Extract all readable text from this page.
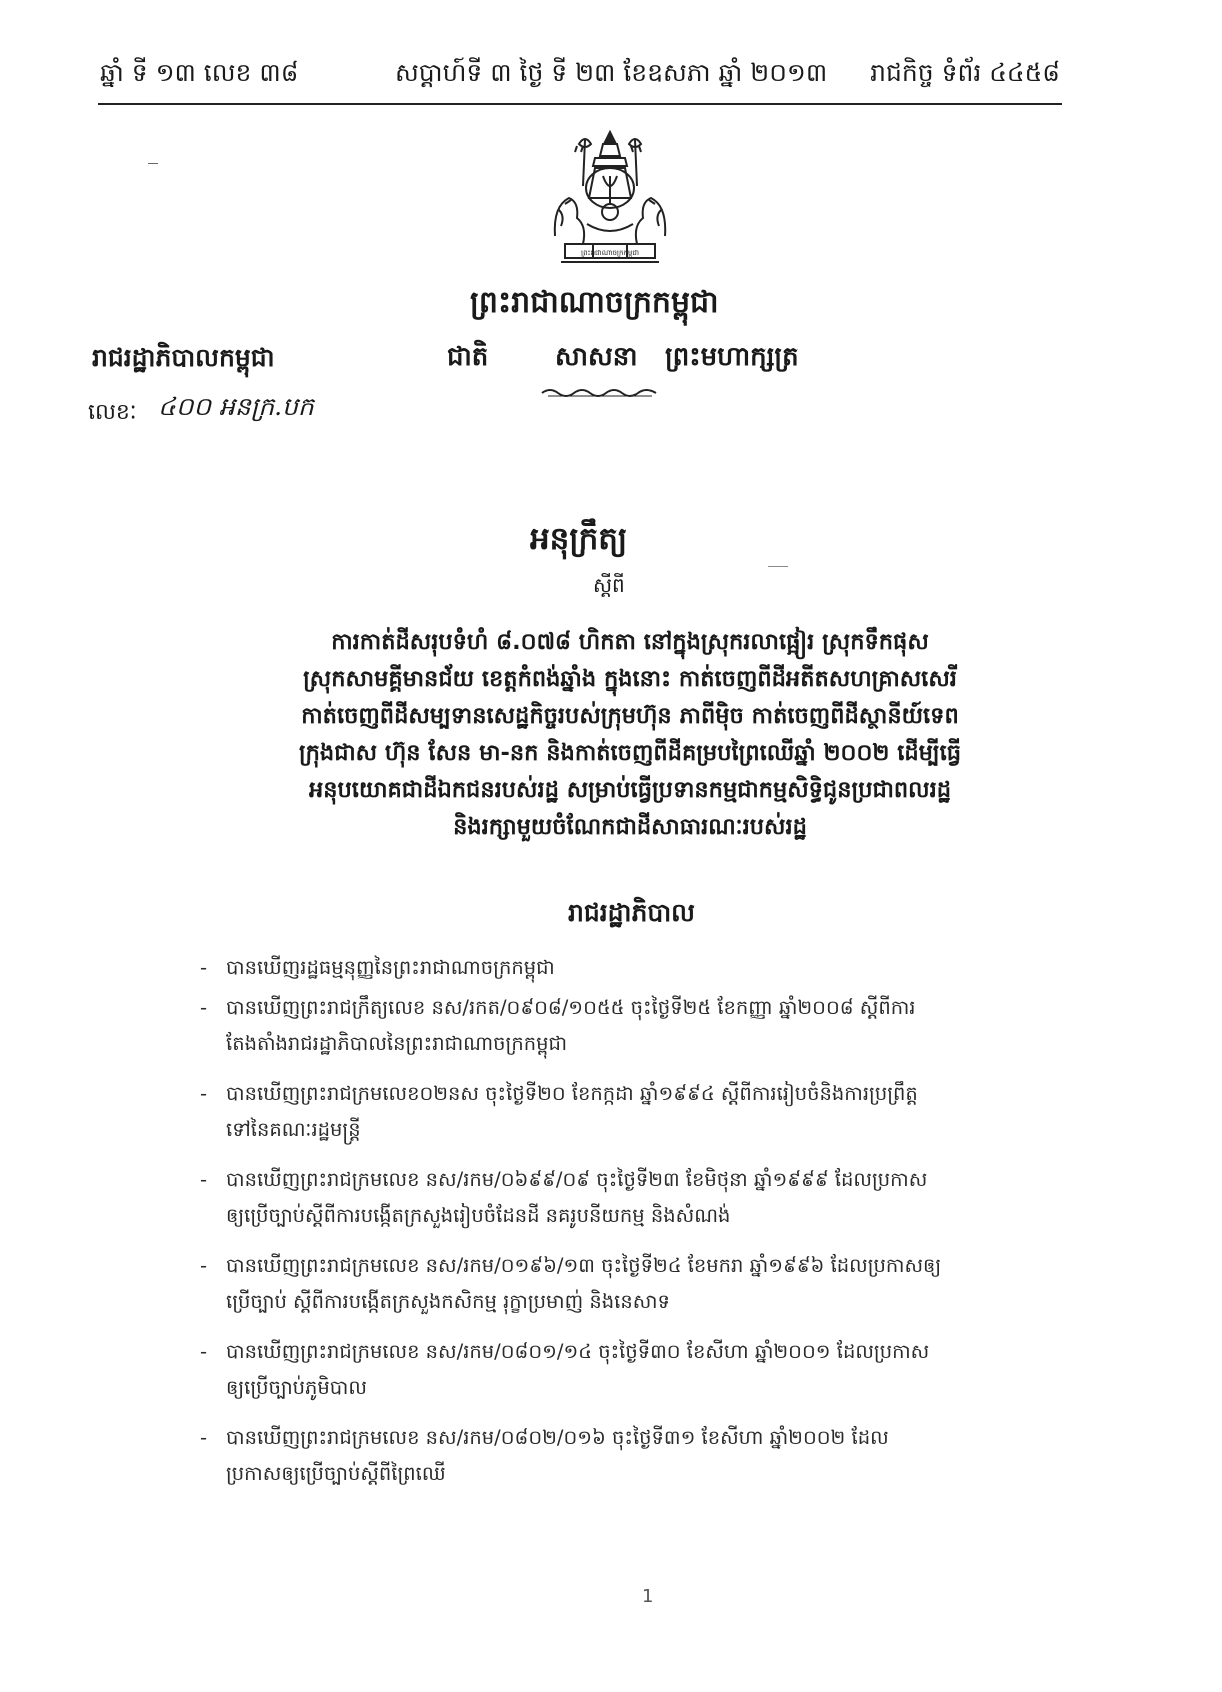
ឆ្នាំ ទី ១៣ លេខ ៣៨	សប្តាហ៍ទី ៣ ថ្ងៃ ទី ២៣ ខែឧសភា ឆ្នាំ ២០១៣ រាជកិច្ច ទំព័រ ៤៤៥៨
ព្រះរាជាណាចក្រកម្ពុជា
ព្រះរាជាណាចក្រកម្ពុជា
ជាតិ	សាសនា ព្រះមហាក្សត្រ
រាជរដ្ឋាភិបាលកម្ពុជា
លេខៈ ៤០០ អនក្រ.បក
អនុក្រឹត្យ
ស្តីពី
ការកាត់ដីសរុបទំហំ ៨.០៧៨ ហិកតា នៅក្នុងស្រុករលាផ្អៀរ ស្រុកទឹកផុស
ស្រុកសាមគ្គីមានជ័យ ខេត្តកំពង់ឆ្នាំង ក្នុងនោះ កាត់ចេញពីដីអតីតសហគ្រាសសេរី
កាត់ចេញពីដីសម្បទានសេដ្ឋកិច្ចរបស់ក្រុមហ៊ុន ភាពីម៉ិច កាត់ចេញពីដីស្ថានីយ៍ទេព
ក្រុងជាស ហ៊ុន សែន មា-នក និងកាត់ចេញពីដីគម្របព្រៃឈើឆ្នាំ ២០០២ ដើម្បីធ្វើ
អនុបយោគជាដីឯកជនរបស់រដ្ឋ សម្រាប់ធ្វើប្រទានកម្មជាកម្មសិទ្ធិជូនប្រជាពលរដ្ឋ
និងរក្សាមួយចំណែកជាដីសាធារណៈរបស់រដ្ឋ
រាជរដ្ឋាភិបាល
- បានឃើញរដ្ឋធម្មនុញ្ញនៃព្រះរាជាណាចក្រកម្ពុជា
- បានឃើញព្រះរាជក្រឹត្យលេខ នស/រកត/០៩០៨/១០៥៥ ចុះថ្ងៃទី២៥ ខែកញ្ញា ឆ្នាំ២០០៨ ស្តីពីការ
តែងតាំងរាជរដ្ឋាភិបាលនៃព្រះរាជាណាចក្រកម្ពុជា
- បានឃើញព្រះរាជក្រមលេខ០២នស ចុះថ្ងៃទី២០ ខែកក្កដា ឆ្នាំ១៩៩៤ ស្តីពីការរៀបចំនិងការប្រព្រឹត្ត
ទៅនៃគណៈរដ្ឋមន្ត្រី
- បានឃើញព្រះរាជក្រមលេខ នស/រកម/០៦៩៩/០៩ ចុះថ្ងៃទី២៣ ខែមិថុនា ឆ្នាំ១៩៩៩ ដែលប្រកាស
ឲ្យប្រើច្បាប់ស្តីពីការបង្កើតក្រសួងរៀបចំដែនដី នគរូបនីយកម្ម និងសំណង់
- បានឃើញព្រះរាជក្រមលេខ នស/រកម/០១៩៦/១៣ ចុះថ្ងៃទី២៤ ខែមករា ឆ្នាំ១៩៩៦ ដែលប្រកាសឲ្យ
ប្រើច្បាប់ ស្តីពីការបង្កើតក្រសួងកសិកម្ម រុក្ខាប្រមាញ់ និងនេសាទ
- បានឃើញព្រះរាជក្រមលេខ នស/រកម/០៨០១/១៤ ចុះថ្ងៃទី៣០ ខែសីហា ឆ្នាំ២០០១ ដែលប្រកាស
ឲ្យប្រើច្បាប់ភូមិបាល
- បានឃើញព្រះរាជក្រមលេខ នស/រកម/០៨០២/០១៦ ចុះថ្ងៃទី៣១ ខែសីហា ឆ្នាំ២០០២ ដែល
ប្រកាសឲ្យប្រើច្បាប់ស្តីពីព្រៃឈើ
1
